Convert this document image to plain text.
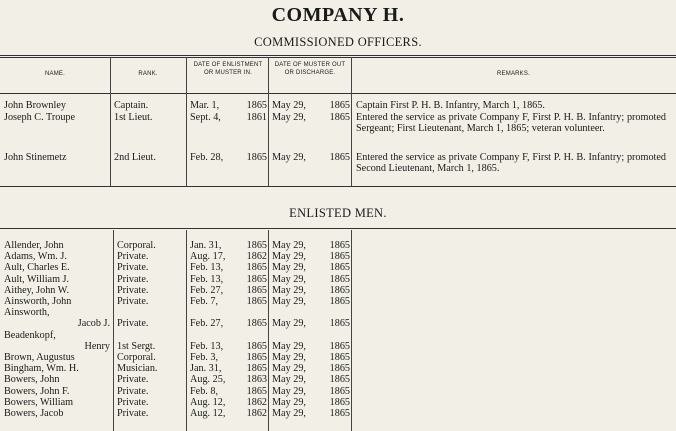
COMPANY H.
COMMISSIONED OFFICERS.
NAME.	RANK.
DATE OF ENLISTMENT OR MUSTER IN.
DATE OF MUSTER OUT OR DISCHARGE.	REMARKS.
John Brownley	Captain.	Mar. 1,	1865 May 29,	1865 Captain First P. H. B. Infantry, March 1, 1865.
Joseph C. Troupe	1st Lieut.	Sept. 4,	1861 May 29,	1865 Entered the service as private Company F, First P. H. B. Infantry; promoted Sergeant; First Lieutenant, March 1, 1865; veteran volunteer.
John Stinemetz	2nd Lieut.	Feb. 28,	1865 May 29,	1865 Entered the service as private Company F, First P. H. B. Infantry; promoted Second Lieutenant, March 1, 1865.
ENLISTED MEN.
Allender, John	Corporal.	Jan. 31,	1865 May 29,	1865
Adams, Wm. J.	Private.	Aug. 17,	1862 May 29,	1865
Ault, Charles E.	Private.	Feb. 13,	1865 May 29,	1865
Ault, William J.	Private.	Feb. 13,	1865 May 29,	1865
Aithey, John W.	Private.	Feb. 27,	1865 May 29,	1865
Ainsworth, John	Private.	Feb. 7,	1865 May 29,	1865
Ainsworth,
Jacob J. Private.	Feb. 27,	1865 May 29,	1865
Beadenkopf,
Henry 1st Sergt.	Feb. 13,	1865 May 29,	1865
Brown, Augustus	Corporal.	Feb. 3,	1865 May 29,	1865
Bingham, Wm. H.	Musician.	Jan. 31,	1865 May 29,	1865
Bowers, John	Private.	Aug. 25,	1863 May 29,	1865
Bowers, John F.	Private.	Feb. 8,	1865 May 29,	1865
Bowers, William	Private.	Aug. 12,	1862 May 29,	1865
Bowers, Jacob	Private.	Aug. 12,	1862 May 29,	1865
